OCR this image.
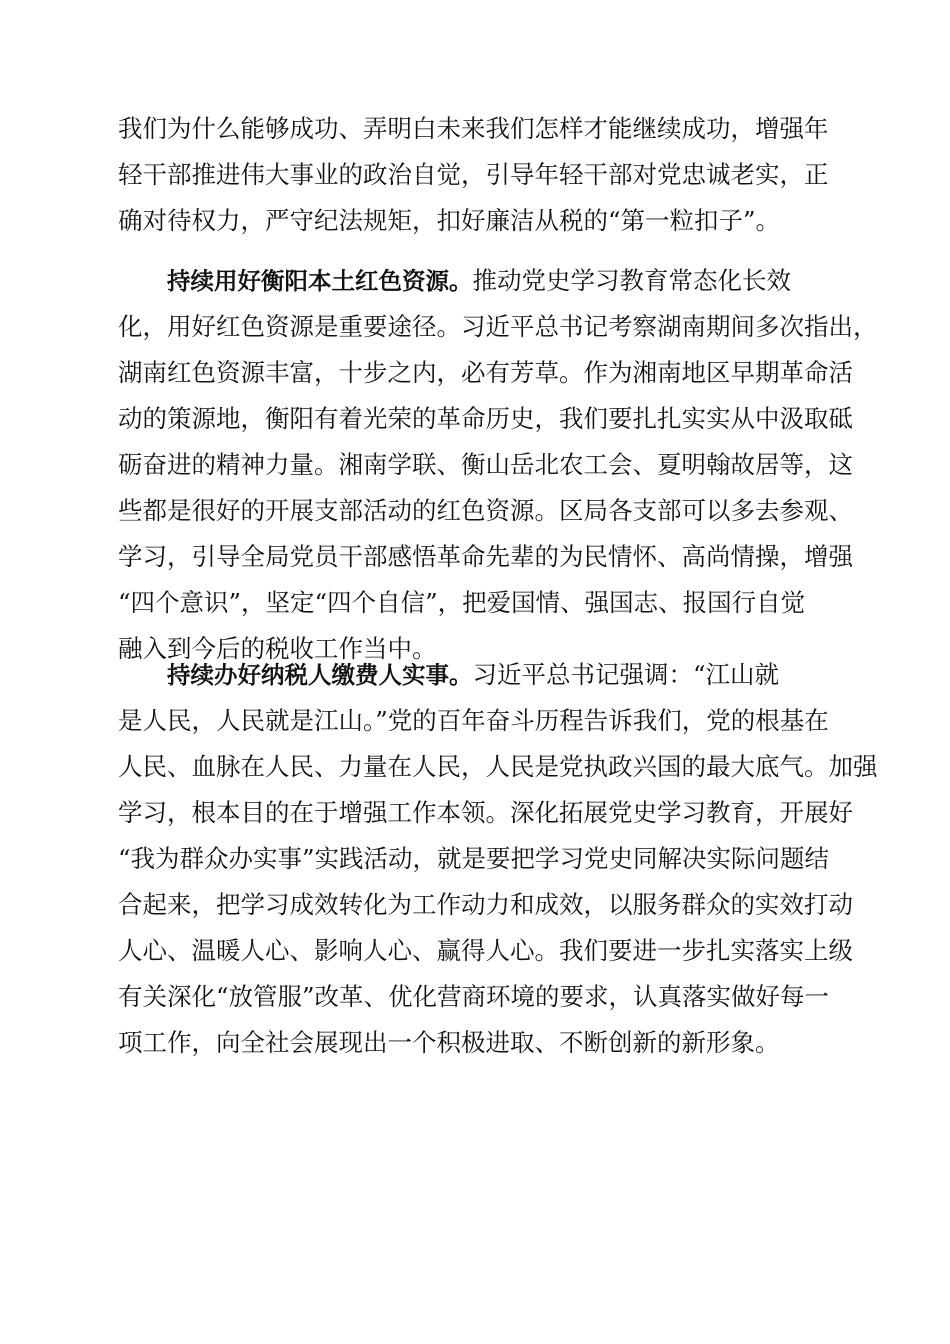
我们为什么能够成功、弄明白未来我们怎样才能继续成功，增强年
轻干部推进伟大事业的政治自觉，引导年轻干部对党忠诚老实，正
确对待权力，严守纪法规矩，扣好廉洁从税的“第一粒扣子”。
持续用好衡阳本土红色资源。推动党史学习教育常态化长效
化，用好红色资源是重要途径。习近平总书记考察湖南期间多次指出，
湖南红色资源丰富，十步之内，必有芳草。作为湘南地区早期革命活
动的策源地，衡阳有着光荣的革命历史，我们要扎扎实实从中汲取砥
砺奋进的精神力量。湘南学联、衡山岳北农工会、夏明翰故居等，这
些都是很好的开展支部活动的红色资源。区局各支部可以多去参观、
学习，引导全局党员干部感悟革命先辈的为民情怀、高尚情操，增强
“四个意识”，坚定“四个自信”，把爱国情、强国志、报国行自觉
融入到今后的税收工作当中。
持续办好纳税人缴费人实事。习近平总书记强调：“江山就
是人民，人民就是江山。”党的百年奋斗历程告诉我们，党的根基在
人民、血脉在人民、力量在人民，人民是党执政兴国的最大底气。加强
学习，根本目的在于增强工作本领。深化拓展党史学习教育，开展好
“我为群众办实事”实践活动，就是要把学习党史同解决实际问题结
合起来，把学习成效转化为工作动力和成效，以服务群众的实效打动
人心、温暖人心、影响人心、赢得人心。我们要进一步扎实落实上级
有关深化“放管服”改革、优化营商环境的要求，认真落实做好每一
项工作，向全社会展现出一个积极进取、不断创新的新形象。
